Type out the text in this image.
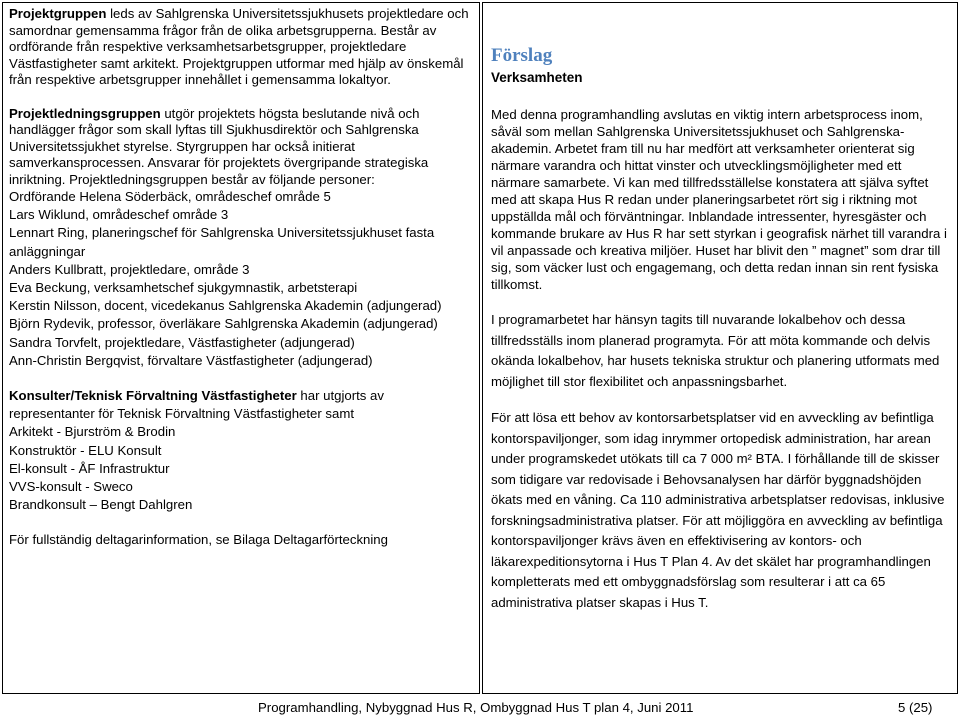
Projektgruppen leds av Sahlgrenska Universitetssjukhusets projektledare och samordnar gemensamma frågor från de olika arbetsgrupperna. Består av ordförande från respektive verksamhetsarbetsgrupper, projektledare Västfastigheter samt arkitekt. Projektgruppen utformar med hjälp av önskemål från respektive arbetsgrupper innehållet i gemensamma lokaltyor.

Projektledningsgruppen utgör projektets högsta beslutande nivå och handlägger frågor som skall lyftas till Sjukhusdirektör och Sahlgrenska Universitetssjukhet styrelse. Styrgruppen har också initierat samverkansprocessen. Ansvarar för projektets övergripande strategiska inriktning. Projektledningsgruppen består av följande personer:

Ordförande Helena Söderbäck, områdeschef område 5

Lars Wiklund, områdeschef område 3

Lennart Ring, planeringschef för Sahlgrenska Universitetssjukhuset fasta anläggningar

Anders Kullbratt, projektledare, område 3

Eva Beckung, verksamhetschef sjukgymnastik, arbetsterapi

Kerstin Nilsson, docent, vicedekanus Sahlgrenska Akademin (adjungerad)

Björn Rydevik, professor, överläkare Sahlgrenska Akademin (adjungerad)

Sandra Torvfelt, projektledare, Västfastigheter (adjungerad)

Ann-Christin Bergqvist, förvaltare Västfastigheter (adjungerad)

Konsulter/Teknisk Förvaltning Västfastigheter har utgjorts av representanter för Teknisk Förvaltning Västfastigheter samt

Arkitekt - Bjurström & Brodin

Konstruktör - ELU Konsult

El-konsult - ÅF Infrastruktur

VVS-konsult - Sweco

Brandkonsult – Bengt Dahlgren

För fullständig deltagarinformation, se Bilaga Deltagarförteckning

Förslag
Verksamheten

Med denna programhandling avslutas en viktig intern arbetsprocess inom, såväl som mellan Sahlgrenska Universitetssjukhuset och Sahlgrenska-akademin. Arbetet fram till nu har medfört att verksamheter orienterat sig närmare varandra och hittat vinster och utvecklingsmöjligheter med ett närmare samarbete. Vi kan med tillfredsställelse konstatera att själva syftet med att skapa Hus R redan under planeringsarbetet rört sig i riktning mot uppställda mål och förväntningar. Inblandade intressenter, hyresgäster och kommande brukare av Hus R har sett styrkan i geografisk närhet till varandra i vil anpassade och kreativa miljöer. Huset har blivit den ” magnet” som drar till sig, som väcker lust och engagemang, och detta redan innan sin rent fysiska tillkomst.

I programarbetet har hänsyn tagits till nuvarande lokalbehov och dessa tillfredsställs inom planerad programyta. För att möta kommande och delvis okända lokalbehov, har husets tekniska struktur och planering utformats med möjlighet till stor flexibilitet och anpassningsbarhet.

För att lösa ett behov av kontorsarbetsplatser vid en avveckling av befintliga kontorspaviljonger, som idag inrymmer ortopedisk administration, har arean under programskedet utökats till ca 7 000 m² BTA. I förhållande till de skisser som tidigare var redovisade i Behovsanalysen har därför byggnadshöjden ökats med en våning. Ca 110 administrativa arbetsplatser redovisas, inklusive forskningsadministrativa platser. För att möjliggöra en avveckling av befintliga kontorspaviljonger krävs även en effektivisering av kontors- och läkarexpeditionsytorna i Hus T Plan 4. Av det skälet har programhandlingen kompletterats med ett ombyggnadsförslag som resulterar i att ca 65 administrativa platser skapas i Hus T.

Programhandling, Nybyggnad Hus R, Ombyggnad Hus T plan 4, Juni 2011	5 (25)
